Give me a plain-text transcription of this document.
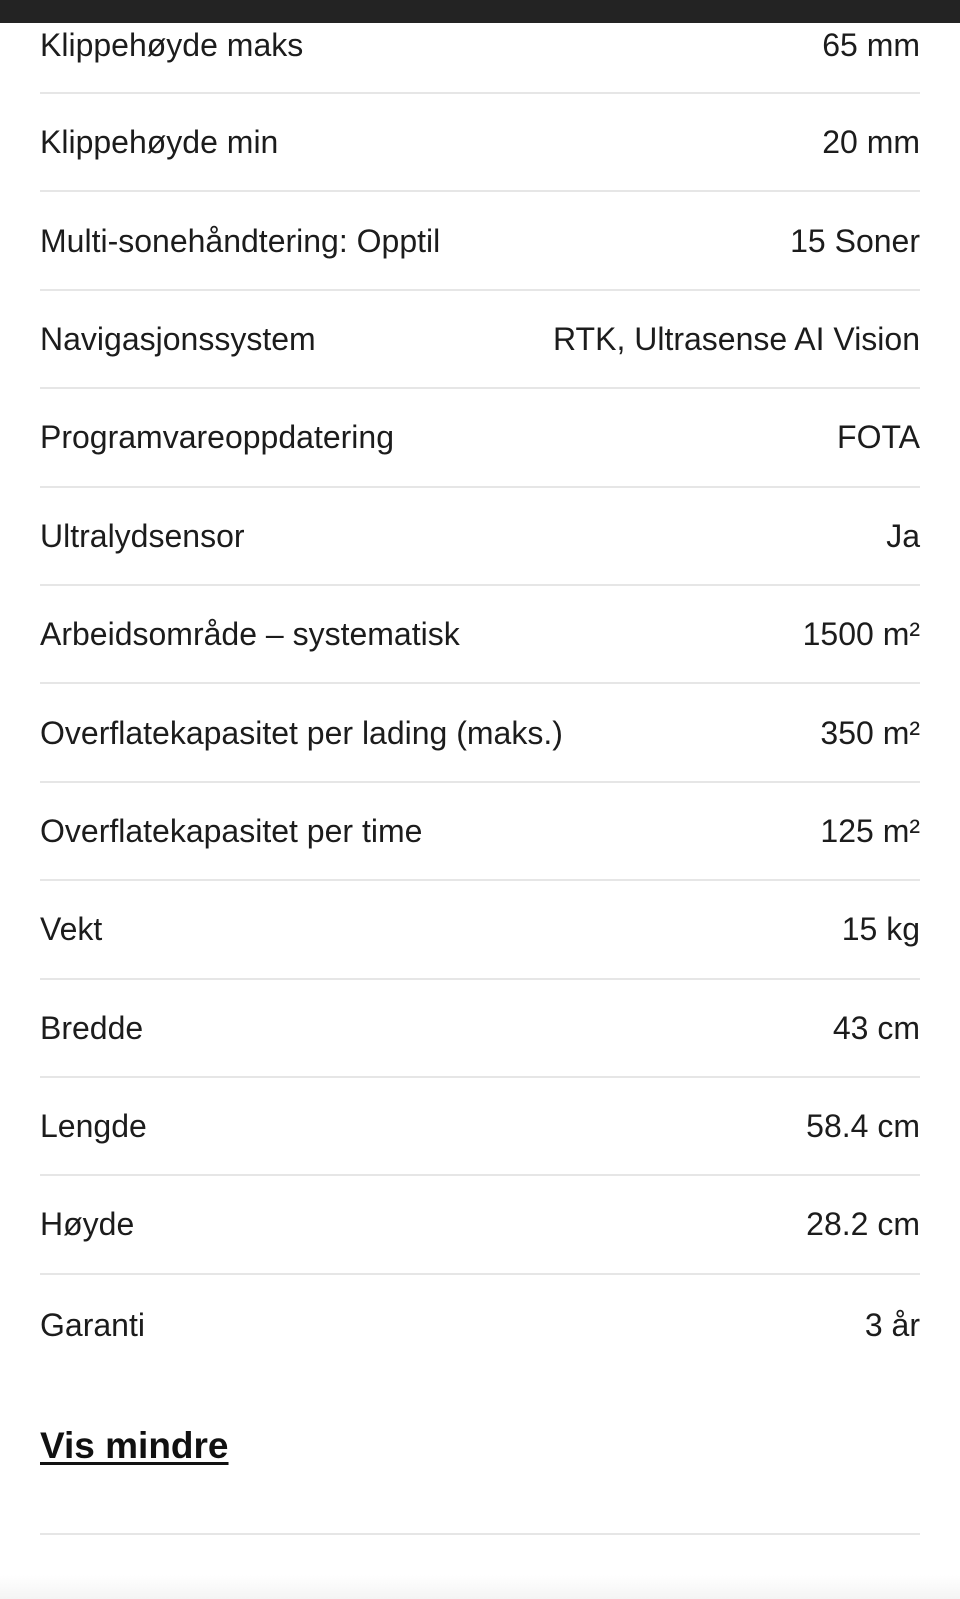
Klippehøyde maks	65 mm
Klippehøyde min	20 mm
Multi-sonehåndtering: Opptil	15 Soner
Navigasjonssystem	RTK, Ultrasense AI Vision
Programvareoppdatering	FOTA
Ultralydsensor	Ja
Arbeidsområde – systematisk	1500 m²
Overflatekapasitet per lading (maks.)	350 m²
Overflatekapasitet per time	125 m²
Vekt	15 kg
Bredde	43 cm
Lengde	58.4 cm
Høyde	28.2 cm
Garanti	3 år
Vis mindre
